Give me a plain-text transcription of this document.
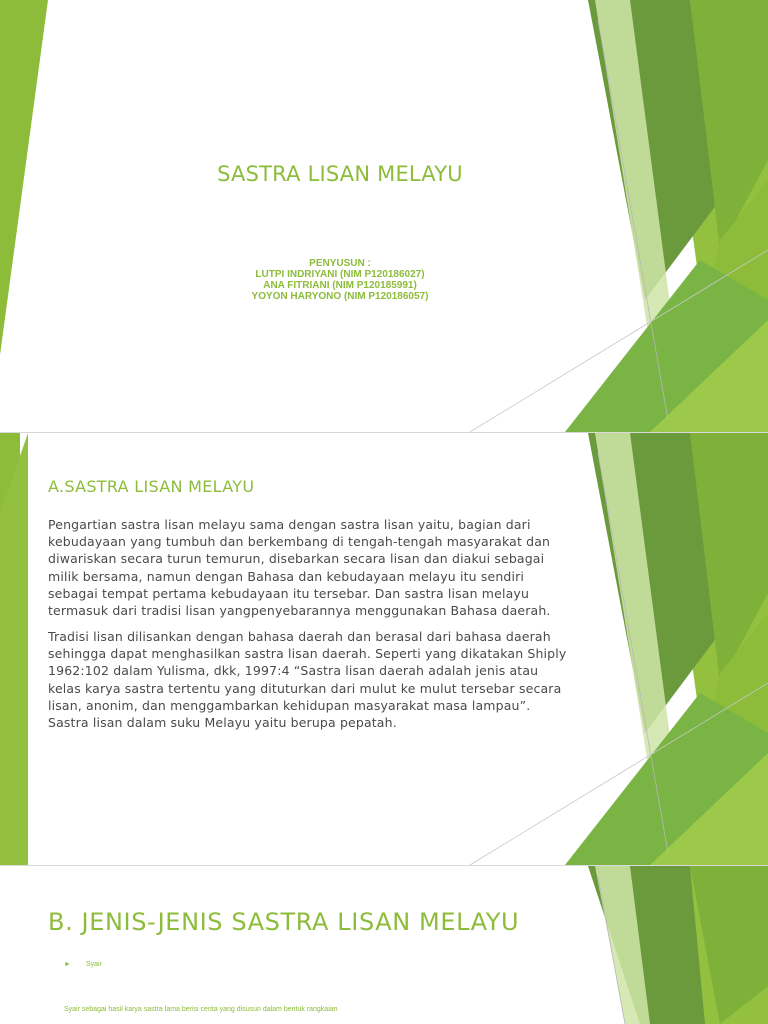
SASTRA LISAN MELAYU
PENYUSUN :
LUTPI INDRIYANI (NIM P120186027)
ANA FITRIANI (NIM P120185991)
YOYON HARYONO (NIM P120186057)
A.SASTRA LISAN MELAYU

Pengartian sastra lisan melayu sama dengan sastra lisan yaitu, bagian dari kebudayaan yang tumbuh dan berkembang di tengah-tengah masyarakat dan diwariskan secara turun temurun, disebarkan secara lisan dan diakui sebagai milik bersama, namun dengan Bahasa dan kebudayaan melayu itu sendiri sebagai tempat pertama kebudayaan itu tersebar. Dan sastra lisan melayu termasuk dari tradisi lisan yangpenyebarannya menggunakan Bahasa daerah.

Tradisi lisan dilisankan dengan bahasa daerah dan berasal dari bahasa daerah sehingga dapat menghasilkan sastra lisan daerah. Seperti yang dikatakan Shiply 1962:102 dalam Yulisma, dkk, 1997:4 “Sastra lisan daerah adalah jenis atau kelas karya sastra tertentu yang dituturkan dari mulut ke mulut tersebar secara lisan, anonim, dan menggambarkan kehidupan masyarakat masa lampau”. Sastra lisan dalam suku Melayu yaitu berupa pepatah.

B. JENIS-JENIS SASTRA LISAN MELAYU
►	Syair

Syair sebagai hasil karya sastra lama berisi cerita yang disusun dalam bentuk rangkaian
